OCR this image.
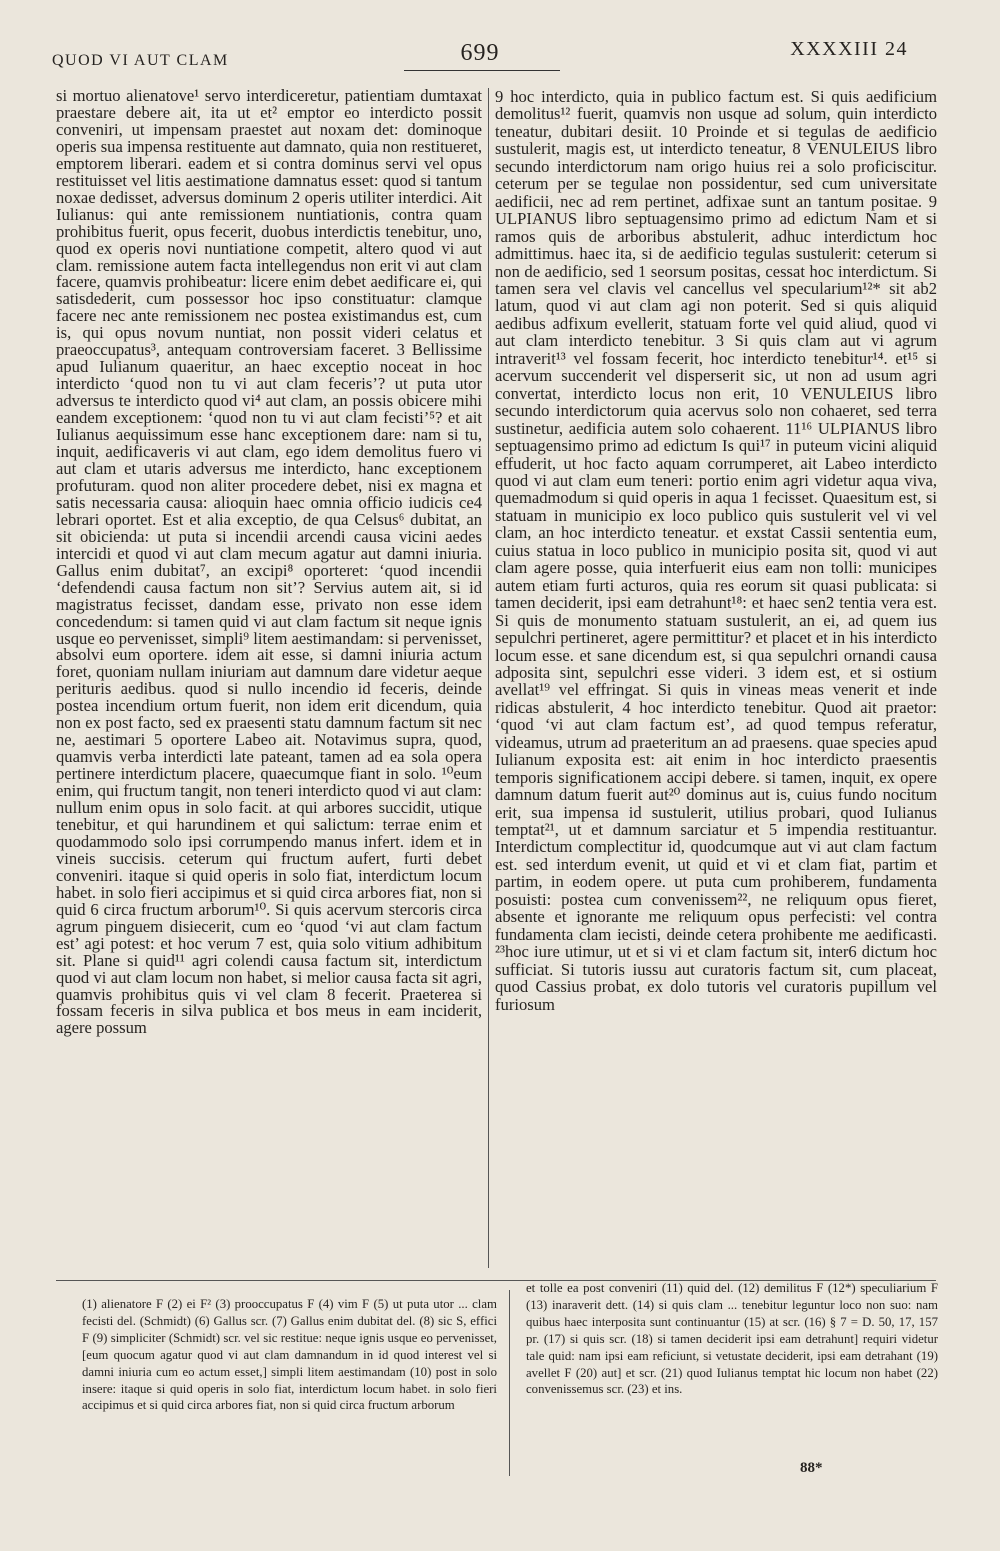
QUOD VI AUT CLAM	699	XXXXIII 24

si mortuo alienatove¹ servo interdiceretur, patientiam dumtaxat praestare debere ait, ita ut et² emptor eo interdicto possit conveniri, ut impensam praestet aut noxam det: dominoque operis sua impensa restituente aut damnato, quia non restitueret, emptorem liberari. eadem et si contra dominus servi vel opus restituisset vel litis aestimatione damnatus esset: quod si tantum noxae dedisset, adversus dominum 2 operis utiliter interdici. Ait Iulianus: qui ante remissionem nuntiationis, contra quam prohibitus fuerit, opus fecerit, duobus interdictis tenebitur, uno, quod ex operis novi nuntiatione competit, altero quod vi aut clam. remissione autem facta intellegendus non erit vi aut clam facere, quamvis prohibeatur: licere enim debet aedificare ei, qui satisdederit, cum possessor hoc ipso constituatur: clamque facere nec ante remissionem nec postea existimandus est, cum is, qui opus novum nuntiat, non possit videri celatus et praeoccupatus³, antequam controversiam faceret. 3 Bellissime apud Iulianum quaeritur, an haec exceptio noceat in hoc interdicto ‘quod non tu vi aut clam feceris’? ut puta utor adversus te interdicto quod vi⁴ aut clam, an possis obicere mihi eandem exceptionem: ‘quod non tu vi aut clam fecisti’⁵? et ait Iulianus aequissimum esse hanc exceptionem dare: nam si tu, inquit, aedificaveris vi aut clam, ego idem demolitus fuero vi aut clam et utaris adversus me interdicto, hanc exceptionem profuturam. quod non aliter procedere debet, nisi ex magna et satis necessaria causa: alioquin haec omnia officio iudicis ce4 lebrari oportet. Est et alia exceptio, de qua Celsus⁶ dubitat, an sit obicienda: ut puta si incendii arcendi causa vicini aedes intercidi et quod vi aut clam mecum agatur aut damni iniuria. Gallus enim dubitat⁷, an excipi⁸ oporteret: ‘quod incendii ‘defendendi causa factum non sit’? Servius autem ait, si id magistratus fecisset, dandam esse, privato non esse idem concedendum: si tamen quid vi aut clam factum sit neque ignis usque eo pervenisset, simpli⁹ litem aestimandam: si pervenisset, absolvi eum oportere. idem ait esse, si damni iniuria actum foret, quoniam nullam iniuriam aut damnum dare videtur aeque perituris aedibus. quod si nullo incendio id feceris, deinde postea incendium ortum fuerit, non idem erit dicendum, quia non ex post facto, sed ex praesenti statu damnum factum sit nec ne, aestimari 5 oportere Labeo ait. Notavimus supra, quod, quamvis verba interdicti late pateant, tamen ad ea sola opera pertinere interdictum placere, quaecumque fiant in solo. ¹⁰eum enim, qui fructum tangit, non teneri interdicto quod vi aut clam: nullum enim opus in solo facit. at qui arbores succidit, utique tenebitur, et qui harundinem et qui salictum: terrae enim et quodammodo solo ipsi corrumpendo manus infert. idem et in vineis succisis. ceterum qui fructum aufert, furti debet conveniri. itaque si quid operis in solo fiat, interdictum locum habet. in solo fieri accipimus et si quid circa arbores fiat, non si quid 6 circa fructum arborum¹⁰. Si quis acervum stercoris circa agrum pinguem disiecerit, cum eo ‘quod ‘vi aut clam factum est’ agi potest: et hoc verum 7 est, quia solo vitium adhibitum sit. Plane si quid¹¹ agri colendi causa factum sit, interdictum quod vi aut clam locum non habet, si melior causa facta sit agri, quamvis prohibitus quis vi vel clam 8 fecerit. Praeterea si fossam feceris in silva publica et bos meus in eam inciderit, agere possum

9 hoc interdicto, quia in publico factum est. Si quis aedificium demolitus¹² fuerit, quamvis non usque ad solum, quin interdicto teneatur, dubitari desiit. 10 Proinde et si tegulas de aedificio sustulerit, magis est, ut interdicto teneatur, 8 VENULEIUS libro secundo interdictorum nam origo huius rei a solo proficiscitur. ceterum per se tegulae non possidentur, sed cum universitate aedificii, nec ad rem pertinet, adfixae sunt an tantum positae. 9 ULPIANUS libro septuagensimo primo ad edictum Nam et si ramos quis de arboribus abstulerit, adhuc interdictum hoc admittimus. haec ita, si de aedificio tegulas sustulerit: ceterum si non de aedificio, sed 1 seorsum positas, cessat hoc interdictum. Si tamen sera vel clavis vel cancellus vel specularium¹²* sit ab2 latum, quod vi aut clam agi non poterit. Sed si quis aliquid aedibus adfixum evellerit, statuam forte vel quid aliud, quod vi aut clam interdicto tenebitur. 3 Si quis clam aut vi agrum intraverit¹³ vel fossam fecerit, hoc interdicto tenebitur¹⁴. et¹⁵ si acervum succenderit vel disperserit sic, ut non ad usum agri convertat, interdicto locus non erit, 10 VENULEIUS libro secundo interdictorum quia acervus solo non cohaeret, sed terra sustinetur, aedificia autem solo cohaerent. 11¹⁶ ULPIANUS libro septuagensimo primo ad edictum Is qui¹⁷ in puteum vicini aliquid effuderit, ut hoc facto aquam corrumperet, ait Labeo interdicto quod vi aut clam eum teneri: portio enim agri videtur aqua viva, quemadmodum si quid operis in aqua 1 fecisset. Quaesitum est, si statuam in municipio ex loco publico quis sustulerit vel vi vel clam, an hoc interdicto teneatur. et exstat Cassii sententia eum, cuius statua in loco publico in municipio posita sit, quod vi aut clam agere posse, quia interfuerit eius eam non tolli: municipes autem etiam furti acturos, quia res eorum sit quasi publicata: si tamen deciderit, ipsi eam detrahunt¹⁸: et haec sen2 tentia vera est. Si quis de monumento statuam sustulerit, an ei, ad quem ius sepulchri pertineret, agere permittitur? et placet et in his interdicto locum esse. et sane dicendum est, si qua sepulchri ornandi causa adposita sint, sepulchri esse videri. 3 idem est, et si ostium avellat¹⁹ vel effringat. Si quis in vineas meas venerit et inde ridicas abstulerit, 4 hoc interdicto tenebitur. Quod ait praetor: ‘quod ‘vi aut clam factum est’, ad quod tempus referatur, videamus, utrum ad praeteritum an ad praesens. quae species apud Iulianum exposita est: ait enim in hoc interdicto praesentis temporis significationem accipi debere. si tamen, inquit, ex opere damnum datum fuerit aut²⁰ dominus aut is, cuius fundo nocitum erit, sua impensa id sustulerit, utilius probari, quod Iulianus temptat²¹, ut et damnum sarciatur et 5 impendia restituantur. Interdictum complectitur id, quodcumque aut vi aut clam factum est. sed interdum evenit, ut quid et vi et clam fiat, partim et partim, in eodem opere. ut puta cum prohiberem, fundamenta posuisti: postea cum convenissem²², ne reliquum opus fieret, absente et ignorante me reliquum opus perfecisti: vel contra fundamenta clam iecisti, deinde cetera prohibente me aedificasti. ²³hoc iure utimur, ut et si vi et clam factum sit, inter6 dictum hoc sufficiat. Si tutoris iussu aut curatoris factum sit, cum placeat, quod Cassius probat, ex dolo tutoris vel curatoris pupillum vel furiosum

(1) alienatore F (2) ei F² (3) prooccupatus F (4) vim F (5) ut puta utor ... clam fecisti del. (Schmidt) (6) Gallus scr. (7) Gallus enim dubitat del. (8) sic S, effici F (9) simpliciter (Schmidt) scr. vel sic restitue: neque ignis usque eo pervenisset, [eum quocum agatur quod vi aut clam damnandum in id quod interest vel si damni iniuria cum eo actum esset,] simpli litem aestimandam (10) post in solo insere: itaque si quid operis in solo fiat, interdictum locum habet. in solo fieri accipimus et si quid circa arbores fiat, non si quid circa fructum arborum

et tolle ea post conveniri (11) quid del. (12) demilitus F (12*) speculiarium F (13) inaraverit dett. (14) si quis clam ... tenebitur leguntur loco non suo: nam quibus haec interposita sunt continuantur (15) at scr. (16) § 7 = D. 50, 17, 157 pr. (17) si quis scr. (18) si tamen deciderit ipsi eam detrahunt] requiri videtur tale quid: nam ipsi eam reficiunt, si vetustate deciderit, ipsi eam detrahant (19) avellet F (20) aut] et scr. (21) quod Iulianus temptat hic locum non habet (22) convenissemus scr. (23) et ins.

88*
